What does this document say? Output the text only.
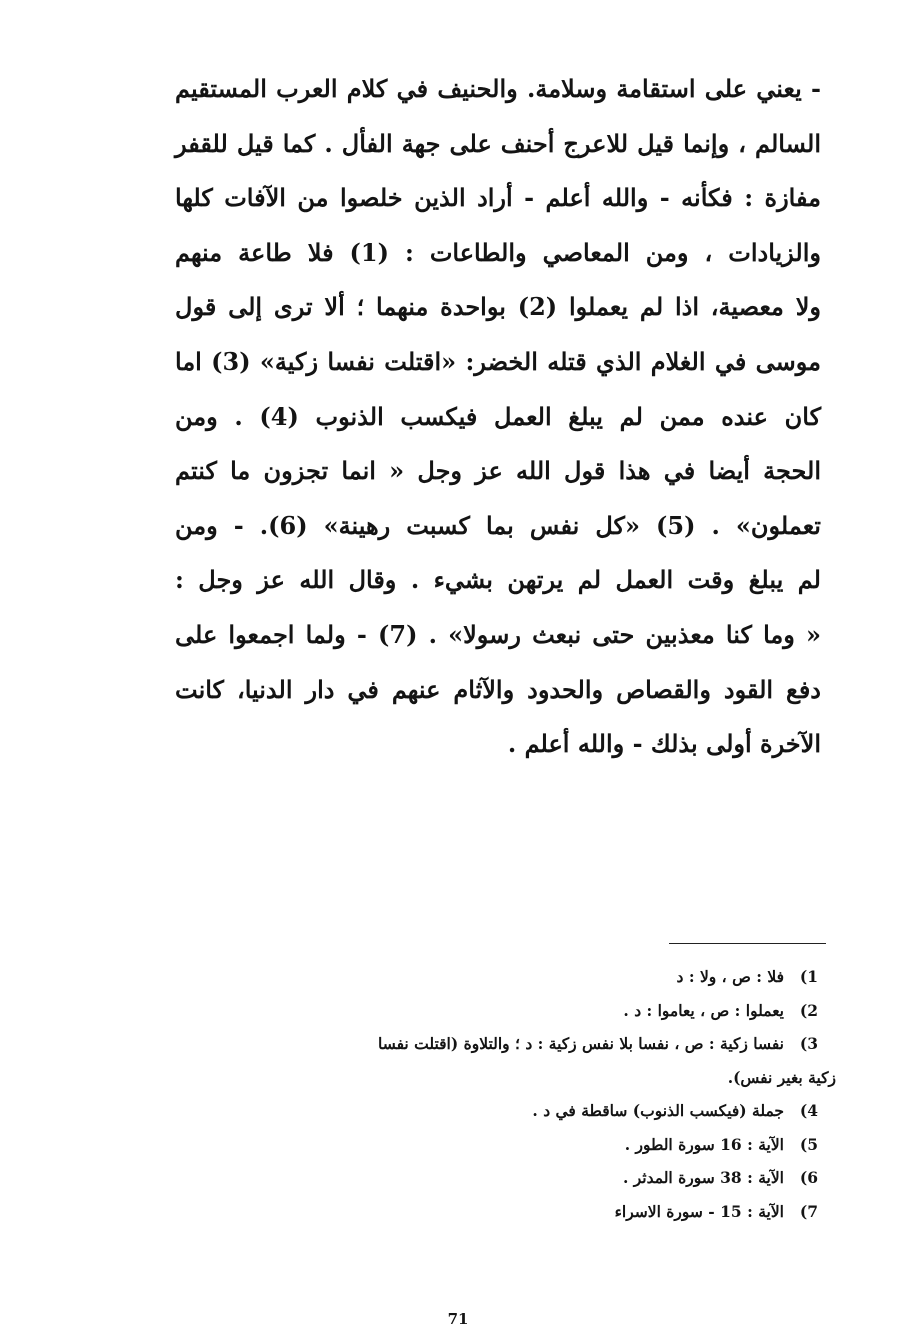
- يعني على استقامة وسلامة. والحنيف في كلام العرب المستقيم
السالم ، وإنما قيل للاعرج أحنف على جهة الفأل . كما قيل للقفر
مفازة : فكأنه - والله أعلم - أراد الذين خلصوا من الآفات كلها
والزيادات ، ومن المعاصي والطاعات : (1) فلا طاعة منهم
ولا معصية، اذا لم يعملوا (2) بواحدة منهما ؛ ألا ترى إلى قول
موسى في الغلام الذي قتله الخضر: «اقتلت نفسا زكية» (3) اما
كان عنده ممن لم يبلغ العمل فيكسب الذنوب (4) . ومن
الحجة أيضا في هذا قول الله عز وجل « انما تجزون ما كنتم
تعملون» . (5) «كل نفس بما كسبت رهينة» (6). - ومن
لم يبلغ وقت العمل لم يرتهن بشيء . وقال الله عز وجل :
« وما كنا معذبين حتى نبعث رسولا» . (7) - ولما اجمعوا على
دفع القود والقصاص والحدود والآثام عنهم في دار الدنيا، كانت
الآخرة أولى بذلك - والله أعلم .
1)فلا : ص ، ولا : د
2)يعملوا : ص ، يعاموا : د .
3)نفسا زكية : ص ، نفسا بلا نفس زكية : د ؛ والتلاوة (اقتلت نفسا
زكية بغير نفس).
4)جملة (فيكسب الذنوب) ساقطة في د .
5)الآية : 16 سورة الطور .
6)الآية : 38 سورة المدثر .
7)الآية : 15 - سورة الاسراء
71
